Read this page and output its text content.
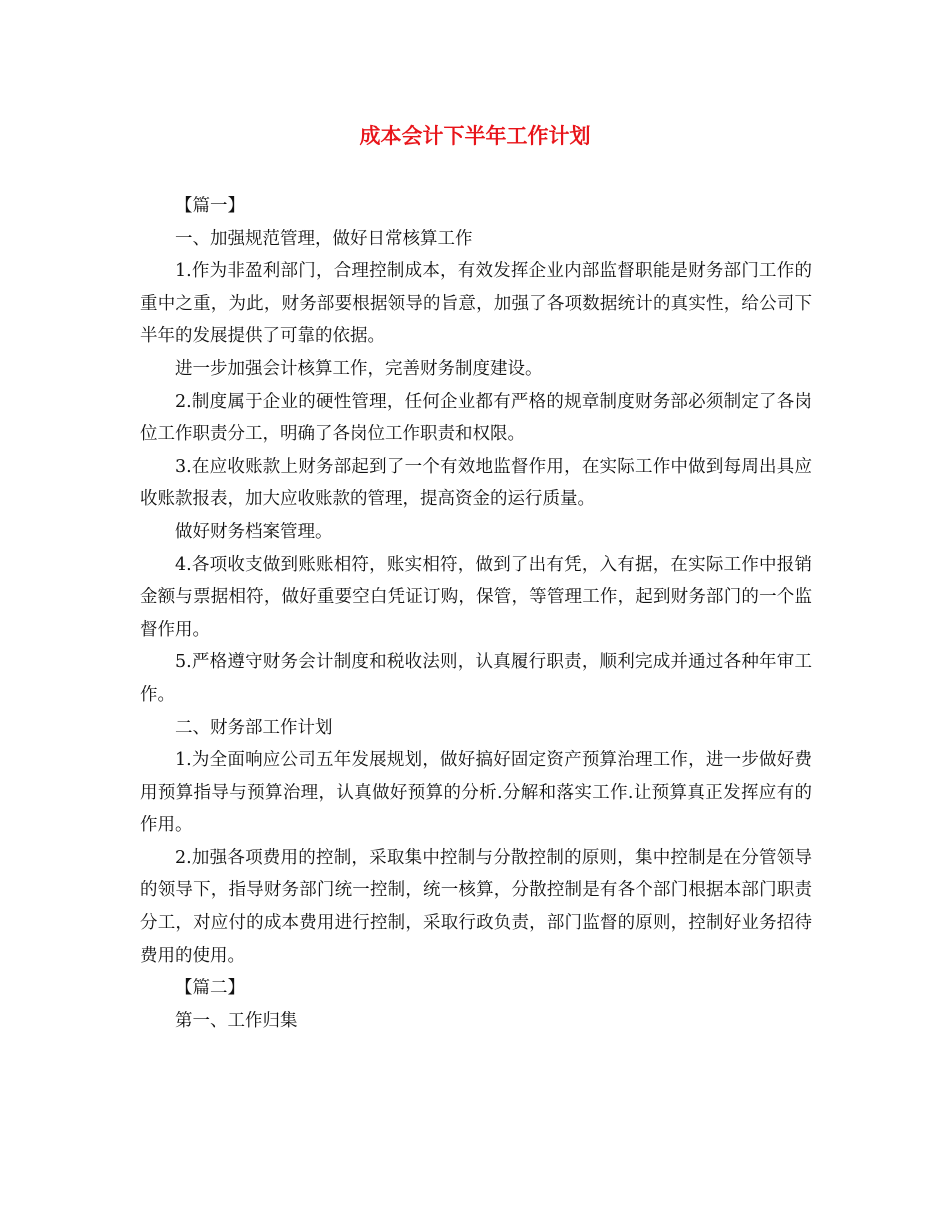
成本会计下半年工作计划

【篇一】

一、加强规范管理，做好日常核算工作

1.作为非盈利部门，合理控制成本，有效发挥企业内部监督职能是财务部门工作的重中之重，为此，财务部要根据领导的旨意，加强了各项数据统计的真实性，给公司下半年的发展提供了可靠的依据。

进一步加强会计核算工作，完善财务制度建设。

2.制度属于企业的硬性管理，任何企业都有严格的规章制度财务部必须制定了各岗位工作职责分工，明确了各岗位工作职责和权限。

3.在应收账款上财务部起到了一个有效地监督作用，在实际工作中做到每周出具应收账款报表，加大应收账款的管理，提高资金的运行质量。

做好财务档案管理。

4.各项收支做到账账相符，账实相符，做到了出有凭，入有据，在实际工作中报销金额与票据相符，做好重要空白凭证订购，保管，等管理工作，起到财务部门的一个监督作用。

5.严格遵守财务会计制度和税收法则，认真履行职责，顺利完成并通过各种年审工作。

二、财务部工作计划

1.为全面响应公司五年发展规划，做好搞好固定资产预算治理工作，进一步做好费用预算指导与预算治理，认真做好预算的分析.分解和落实工作.让预算真正发挥应有的作用。

2.加强各项费用的控制，采取集中控制与分散控制的原则，集中控制是在分管领导的领导下，指导财务部门统一控制，统一核算，分散控制是有各个部门根据本部门职责分工，对应付的成本费用进行控制，采取行政负责，部门监督的原则，控制好业务招待费用的使用。

【篇二】

第一、工作归集
